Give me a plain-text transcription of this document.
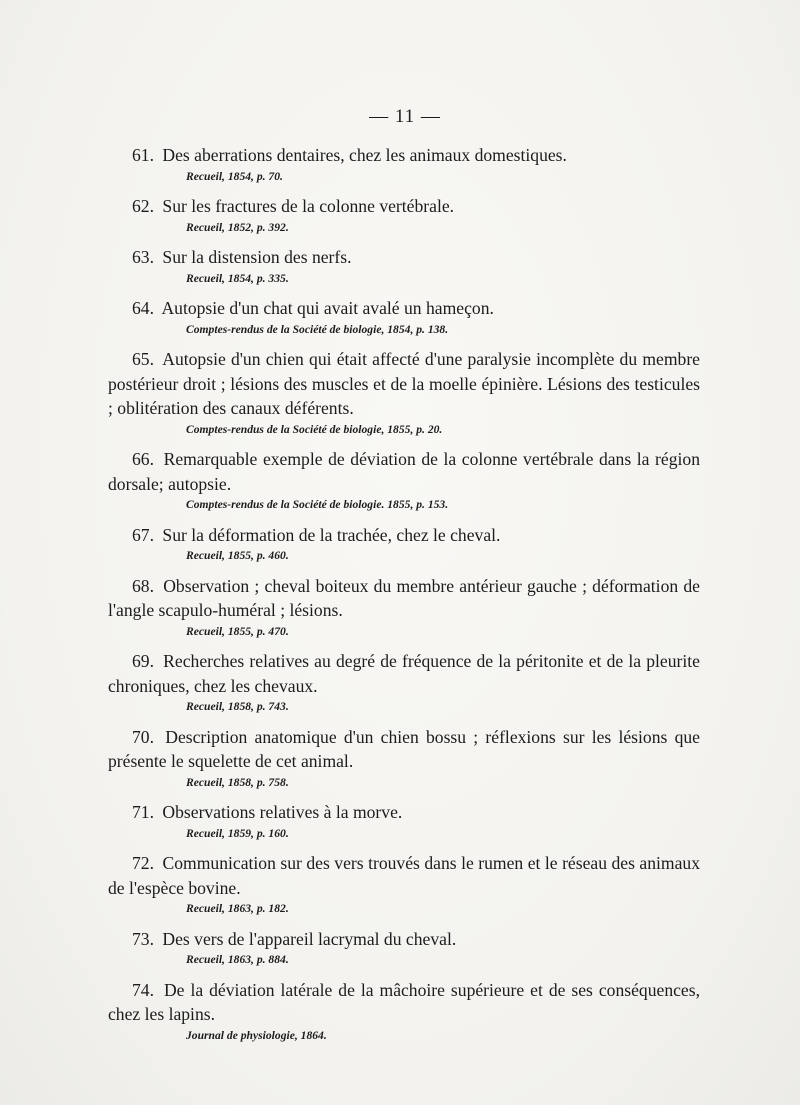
— 11 —
61. Des aberrations dentaires, chez les animaux domestiques.
Recueil, 1854, p. 70.
62. Sur les fractures de la colonne vertébrale.
Recueil, 1852, p. 392.
63. Sur la distension des nerfs.
Recueil, 1854, p. 335.
64. Autopsie d'un chat qui avait avalé un hameçon.
Comptes-rendus de la Société de biologie, 1854, p. 138.
65. Autopsie d'un chien qui était affecté d'une paralysie incomplète du membre postérieur droit ; lésions des muscles et de la moelle épinière. Lésions des testicules ; oblitération des canaux déférents.
Comptes-rendus de la Société de biologie, 1855, p. 20.
66. Remarquable exemple de déviation de la colonne vertébrale dans la région dorsale; autopsie.
Comptes-rendus de la Société de biologie. 1855, p. 153.
67. Sur la déformation de la trachée, chez le cheval.
Recueil, 1855, p. 460.
68. Observation ; cheval boiteux du membre antérieur gauche ; déformation de l'angle scapulo-huméral ; lésions.
Recueil, 1855, p. 470.
69. Recherches relatives au degré de fréquence de la péritonite et de la pleurite chroniques, chez les chevaux.
Recueil, 1858, p. 743.
70. Description anatomique d'un chien bossu ; réflexions sur les lésions que présente le squelette de cet animal.
Recueil, 1858, p. 758.
71. Observations relatives à la morve.
Recueil, 1859, p. 160.
72. Communication sur des vers trouvés dans le rumen et le réseau des animaux de l'espèce bovine.
Recueil, 1863, p. 182.
73. Des vers de l'appareil lacrymal du cheval.
Recueil, 1863, p. 884.
74. De la déviation latérale de la mâchoire supérieure et de ses conséquences, chez les lapins.
Journal de physiologie, 1864.
